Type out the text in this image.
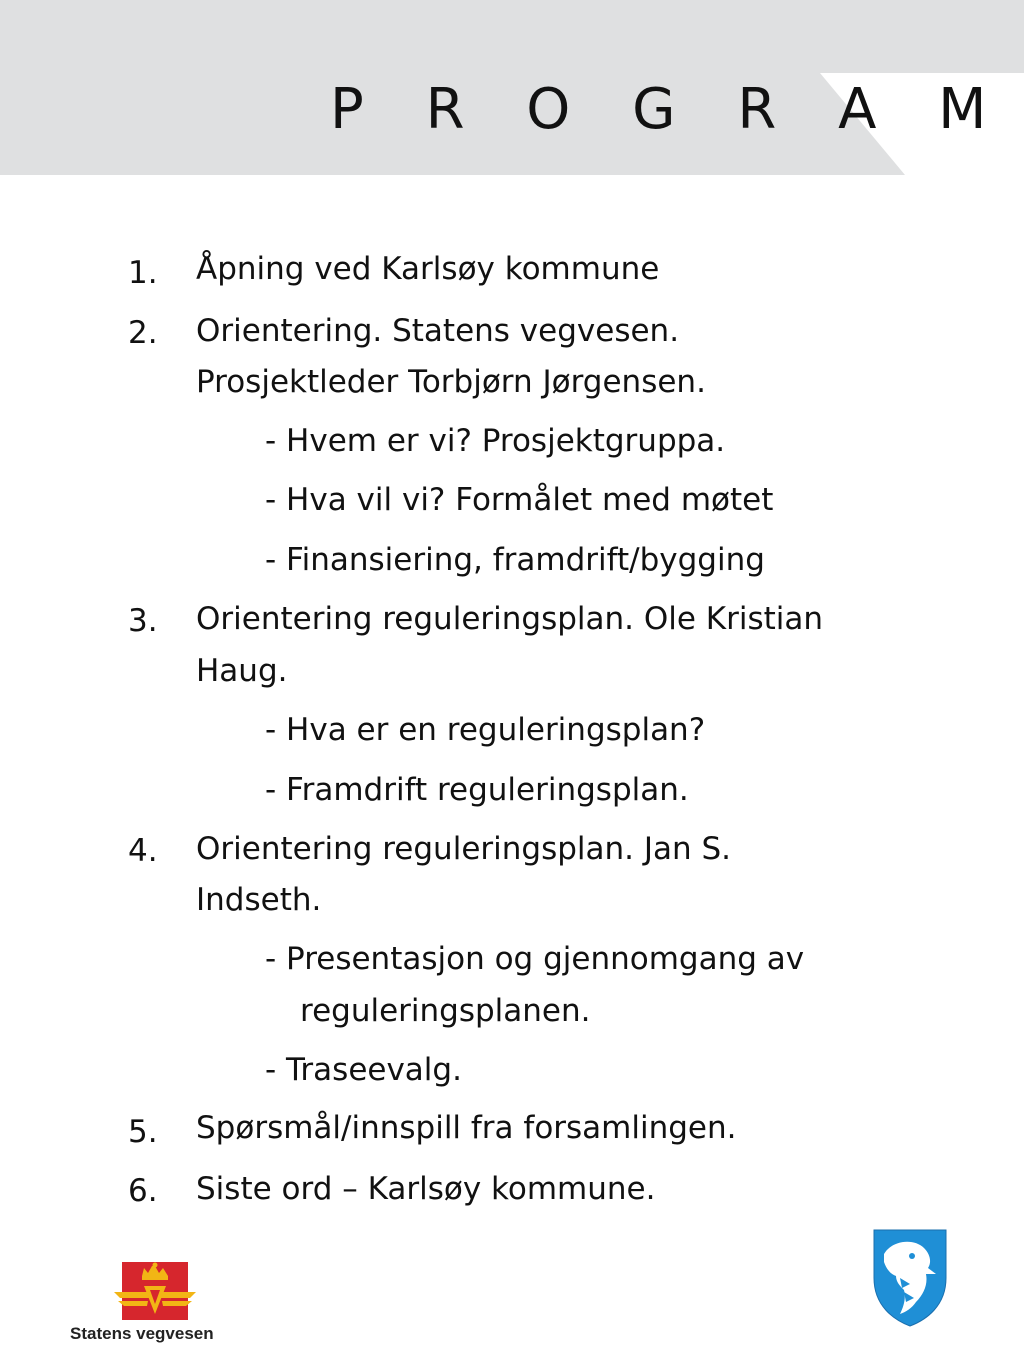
P R O G R A M
1. Åpning ved Karlsøy kommune
2. Orientering. Statens vegvesen.
Prosjektleder Torbjørn Jørgensen.
- Hvem er vi? Prosjektgruppa.
- Hva vil vi? Formålet med møtet
- Finansiering, framdrift/bygging
3. Orientering reguleringsplan. Ole Kristian
Haug.
- Hva er en reguleringsplan?
- Framdrift reguleringsplan.
4. Orientering reguleringsplan. Jan S.
Indseth.
- Presentasjon og gjennomgang av
reguleringsplanen.
- Traseevalg.
5. Spørsmål/innspill fra forsamlingen.
6. Siste ord – Karlsøy kommune.
Statens vegvesen
